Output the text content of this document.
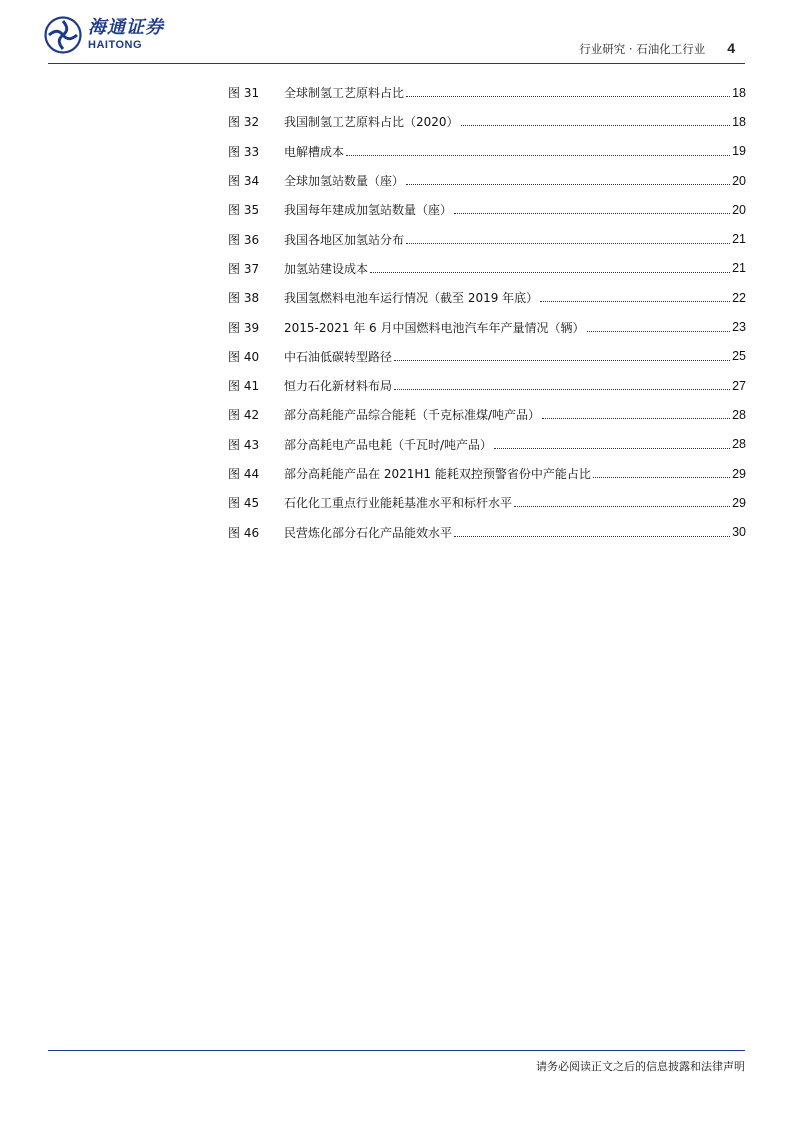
海通证券
HAITONG	行业研究 · 石油化工行业 4
图 31	全球制氢工艺原料占比	18
图 32	我国制氢工艺原料占比（2020）	18
图 33	电解槽成本	19
图 34	全球加氢站数量（座）	20
图 35	我国每年建成加氢站数量（座）	20
图 36	我国各地区加氢站分布	21
图 37	加氢站建设成本	21
图 38	我国氢燃料电池车运行情况（截至 2019 年底）	22
图 39	2015-2021 年 6 月中国燃料电池汽车年产量情况（辆）	23
图 40	中石油低碳转型路径	25
图 41	恒力石化新材料布局	27
图 42	部分高耗能产品综合能耗（千克标准煤/吨产品）	28
图 43	部分高耗电产品电耗（千瓦时/吨产品）	28
图 44	部分高耗能产品在 2021H1 能耗双控预警省份中产能占比	29
图 45	石化化工重点行业能耗基准水平和标杆水平	29
图 46	民营炼化部分石化产品能效水平	30
请务必阅读正文之后的信息披露和法律声明
